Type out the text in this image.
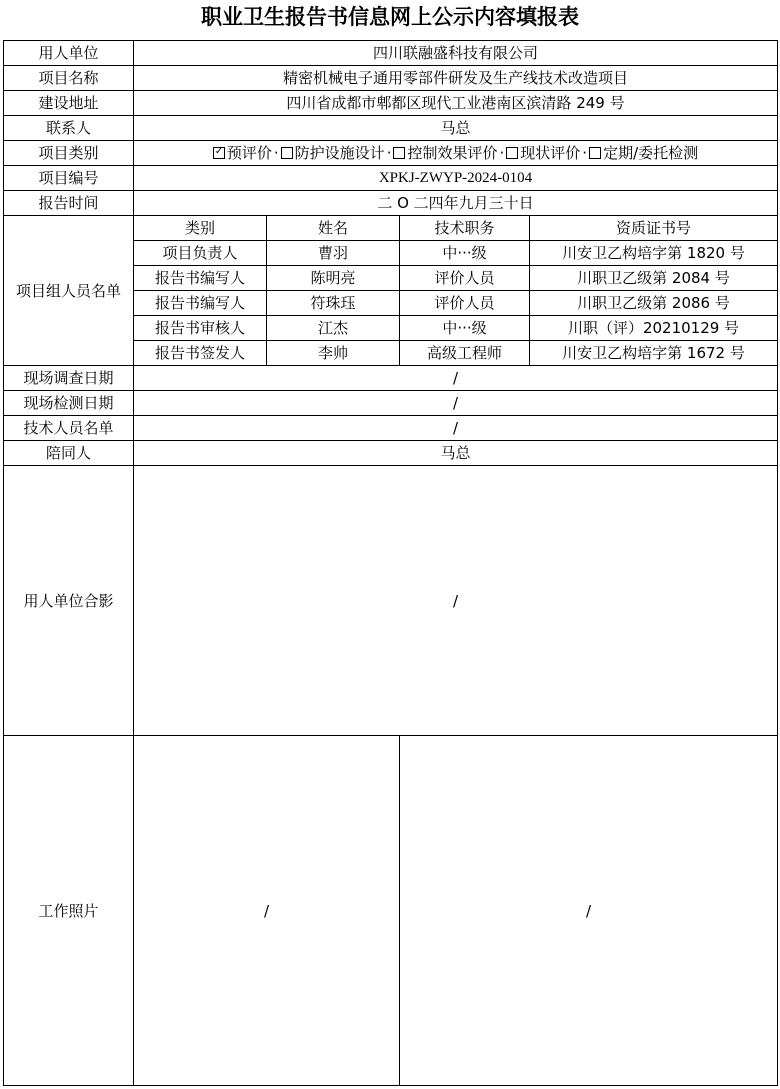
职业卫生报告书信息网上公示内容填报表
用人单位	四川联融盛科技有限公司			
项目名称	精密机械电子通用零部件研发及生产线技术改造项目			
建设地址	四川省成都市郫都区现代工业港南区滨清路 249 号			
联系人	马总			
项目类别	✓预评价 · 防护设施设计 · 控制效果评价 · 现状评价 · 定期/委托检测
项目编号	XPKJ-ZWYP-2024-0104			
报告时间	二 O 二四年九月三十日			
项目组人员名单	类别	姓名	技术职务	资质证书号
	项目负责人	曹羽	中···级	川安卫乙构培字第 1820 号
	报告书编写人	陈明亮	评价人员	川职卫乙级第 2084 号
	报告书编写人	符珠珏	评价人员	川职卫乙级第 2086 号
	报告书审核人	江杰	中···级	川职（评）20210129 号
	报告书签发人	李帅	高级工程师	川安卫乙构培字第 1672 号
现场调查日期	/			
现场检测日期	/			
技术人员名单	/			
陪同人	马总			
用人单位合影	/			
工作照片	/		/	
